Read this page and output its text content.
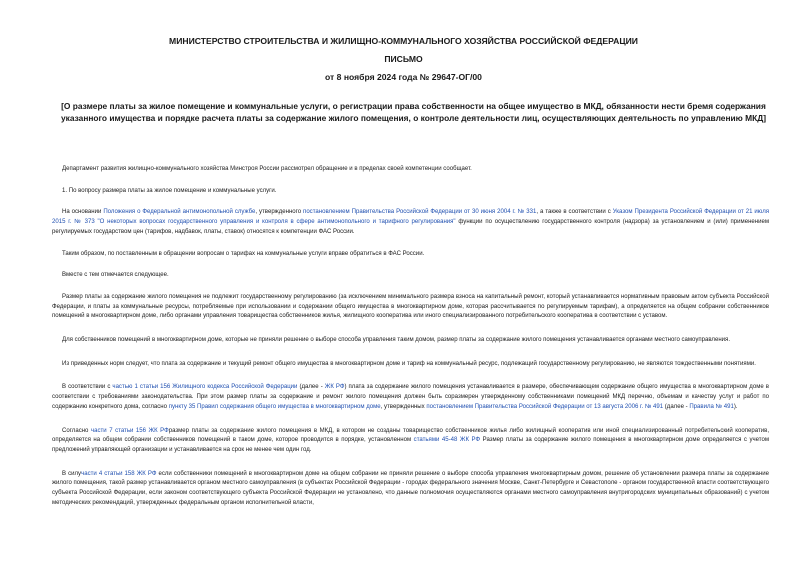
МИНИСТЕРСТВО СТРОИТЕЛЬСТВА И ЖИЛИЩНО-КОММУНАЛЬНОГО ХОЗЯЙСТВА РОССИЙСКОЙ ФЕДЕРАЦИИ
ПИСЬМО
от 8 ноября 2024 года № 29647-ОГ/00
[О размере платы за жилое помещение и коммунальные услуги, о регистрации права собственности на общее имущество в МКД, обязанности нести бремя содержания указанного имущества и порядке расчета платы за содержание жилого помещения, о контроле деятельности лиц, осуществляющих деятельность по управлению МКД]

Департамент развития жилищно-коммунального хозяйства Минстроя России рассмотрел обращение и в пределах своей компетенции сообщает.

1. По вопросу размера платы за жилое помещение и коммунальные услуги.

На основании Положения о Федеральной антимонопольной службе, утвержденного постановлением Правительства Российской Федерации от 30 июня 2004 г. № 331, а также в соответствии с Указом Президента Российской Федерации от 21 июля 2015 г. № 373 "О некоторых вопросах государственного управления и контроля в сфере антимонопольного и тарифного регулирования" функции по осуществлению государственного контроля (надзора) за установлением и (или) применением регулируемых государством цен (тарифов, надбавок, платы, ставок) относятся к компетенции ФАС России.

Таким образом, по поставленным в обращении вопросам о тарифах на коммунальные услуги вправе обратиться в ФАС России.

Вместе с тем отмечается следующее.

Размер платы за содержание жилого помещения не подлежит государственному регулированию (за исключением минимального размера взноса на капитальный ремонт, который устанавливается нормативным правовым актом субъекта Российской Федерации, и платы за коммунальные ресурсы, потребляемые при использовании и содержании общего имущества в многоквартирном доме, которая рассчитывается по регулируемым тарифам), а определяется на общем собрании собственников помещений в многоквартирном доме, либо органами управления товарищества собственников жилья, жилищного кооператива или иного специализированного потребительского кооператива в соответствии с уставом.

Для собственников помещений в многоквартирном доме, которые не приняли решение о выборе способа управления таким домом, размер платы за содержание жилого помещения устанавливается органами местного самоуправления.

Из приведенных норм следует, что плата за содержание и текущий ремонт общего имущества в многоквартирном доме и тариф на коммунальный ресурс, подлежащий государственному регулированию, не являются тождественными понятиями.

В соответствии с частью 1 статьи 156 Жилищного кодекса Российской Федерации (далее - ЖК РФ) плата за содержание жилого помещения устанавливается в размере, обеспечивающем содержание общего имущества в многоквартирном доме в соответствии с требованиями законодательства. При этом размер платы за содержание и ремонт жилого помещения должен быть соразмерен утвержденному собственниками помещений МКД перечню, объемам и качеству услуг и работ по содержанию конкретного дома, согласно пункту 35 Правил содержания общего имущества в многоквартирном доме, утвержденных постановлением Правительства Российской Федерации от 13 августа 2006 г. № 491 (далее - Правила № 491).

Согласно части 7 статьи 156 ЖК РФразмер платы за содержание жилого помещения в МКД, в котором не созданы товарищество собственников жилья либо жилищный кооператив или иной специализированный потребительский кооператив, определяется на общем собрании собственников помещений в таком доме, которое проводится в порядке, установленном статьями 45-48 ЖК РФ Размер платы за содержание жилого помещения в многоквартирном доме определяется с учетом предложений управляющей организации и устанавливается на срок не менее чем один год.

В силучасти 4 статьи 158 ЖК РФ если собственники помещений в многоквартирном доме на общем собрании не приняли решение о выборе способа управления многоквартирным домом, решение об установлении размера платы за содержание жилого помещения, такой размер устанавливается органом местного самоуправления (в субъектах Российской Федерации - городах федерального значения Москве, Санкт-Петербурге и Севастополе - органом государственной власти соответствующего субъекта Российской Федерации, если законом соответствующего субъекта Российской Федерации не установлено, что данные полномочия осуществляются органами местного самоуправления внутригородских муниципальных образований) с учетом методических рекомендаций, утвержденных федеральным органом исполнительной власти,
